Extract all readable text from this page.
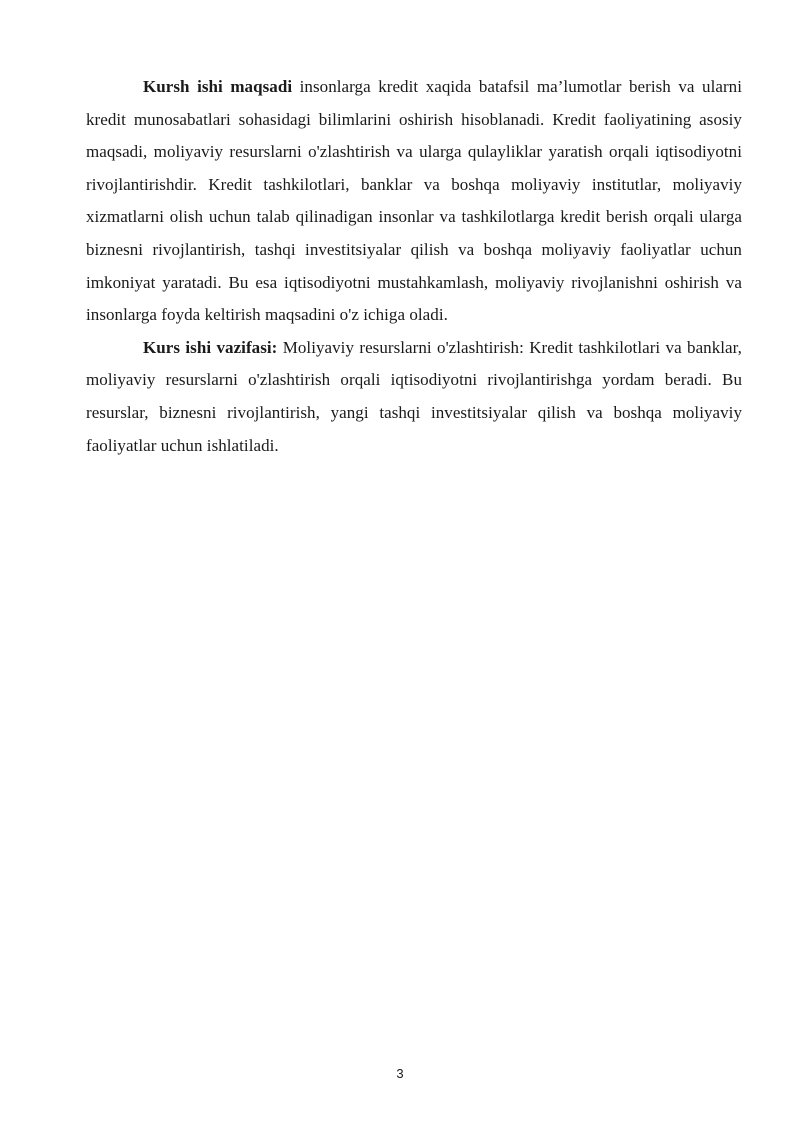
Kursh ishi maqsadi insonlarga kredit xaqida batafsil ma’lumotlar berish va ularni kredit munosabatlari sohasidagi bilimlarini oshirish hisoblanadi. Kredit faoliyatining asosiy maqsadi, moliyaviy resurslarni o'zlashtirish va ularga qulayliklar yaratish orqali iqtisodiyotni rivojlantirishdir. Kredit tashkilotlari, banklar va boshqa moliyaviy institutlar, moliyaviy xizmatlarni olish uchun talab qilinadigan insonlar va tashkilotlarga kredit berish orqali ularga biznesni rivojlantirish, tashqi investitsiyalar qilish va boshqa moliyaviy faoliyatlar uchun imkoniyat yaratadi. Bu esa iqtisodiyotni mustahkamlash, moliyaviy rivojlanishni oshirish va insonlarga foyda keltirish maqsadini o'z ichiga oladi.

Kurs ishi vazifasi: Moliyaviy resurslarni o'zlashtirish: Kredit tashkilotlari va banklar, moliyaviy resurslarni o'zlashtirish orqali iqtisodiyotni rivojlantirishga yordam beradi. Bu resurslar, biznesni rivojlantirish, yangi tashqi investitsiyalar qilish va boshqa moliyaviy faoliyatlar uchun ishlatiladi.

3
